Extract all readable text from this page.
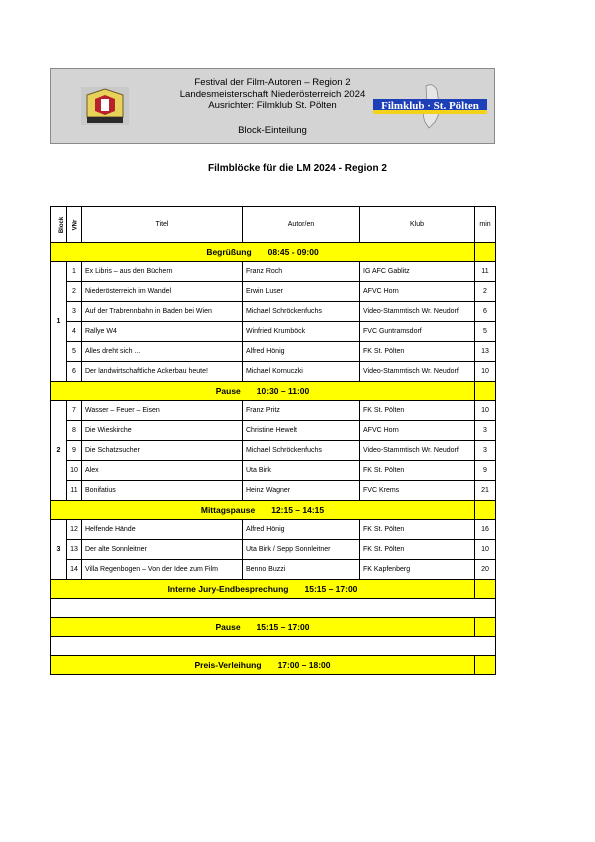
Festival der Film-Autoren – Region 2
Landesmeisterschaft Niederösterreich 2024
Ausrichter: Filmklub St. Pölten
Block-Einteilung
Filmklub · St. Pölten
Filmblöcke für die LM 2024 - Region 2
Block	VNr	Titel	Autor/en	Klub	min
Begrüßung 08:45 - 09:00					
1	1	Ex Libris – aus den Büchern	Franz Roch	IG AFC Gablitz	11
	2	Niederösterreich im Wandel	Erwin Luser	AFVC Horn	2
	3	Auf der Trabrennbahn in Baden bei Wien	Michael Schröckenfuchs	Video-Stammtisch Wr. Neudorf	6
	4	Rallye W4	Winfried Krumböck	FVC Guntramsdorf	5
	5	Alles dreht sich ...	Alfred Hönig	FK St. Pölten	13
	6	Der landwirtschaftliche Ackerbau heute!	Michael Kornuczki	Video-Stammtisch Wr. Neudorf	10
Pause 10:30 – 11:00					
2	7	Wasser – Feuer – Eisen	Franz Pritz	FK St. Pölten	10
	8	Die Wieskirche	Christine Hewelt	AFVC Horn	3
	9	Die Schatzsucher	Michael Schröckenfuchs	Video-Stammtisch Wr. Neudorf	3
	10	Alex	Uta Birk	FK St. Pölten	9
	11	Bonifatius	Heinz Wagner	FVC Krems	21
Mittagspause 12:15 – 14:15					
3	12	Helfende Hände	Alfred Hönig	FK St. Pölten	16
	13	Der alte Sonnleitner	Uta Birk / Sepp Sonnleitner	FK St. Pölten	10
	14	Villa Regenbogen – Von der Idee zum Film	Benno Buzzi	FK Kapfenberg	20
Interne Jury-Endbesprechung 15:15 – 17:00					

Pause 15:15 – 17:00					

Preis-Verleihung 17:00 – 18:00					
